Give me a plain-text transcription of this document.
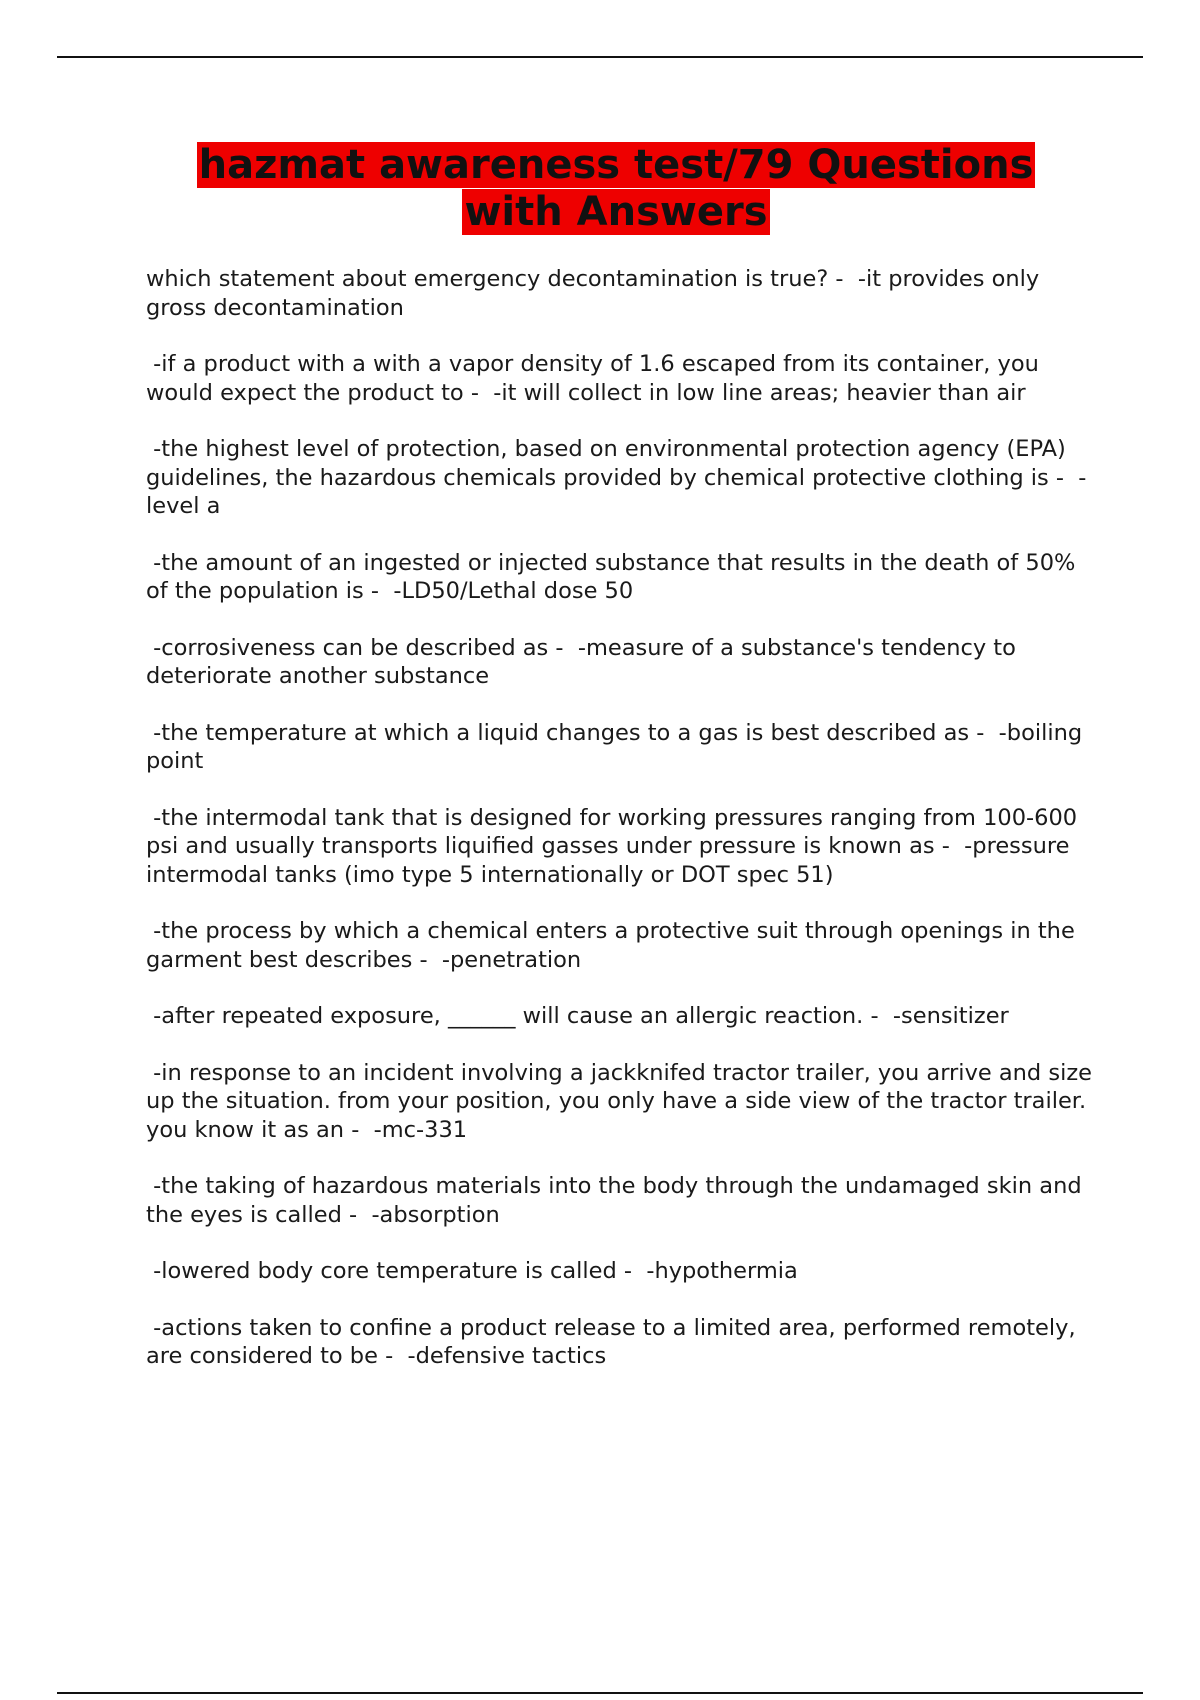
hazmat awareness test/79 Questions with Answers

which statement about emergency decontamination is true? -  -it provides only gross decontamination

-if a product with a with a vapor density of 1.6 escaped from its container, you would expect the product to -  -it will collect in low line areas; heavier than air

-the highest level of protection, based on environmental protection agency (EPA) guidelines, the hazardous chemicals provided by chemical protective clothing is -  -level a

-the amount of an ingested or injected substance that results in the death of 50% of the population is -  -LD50/Lethal dose 50

-corrosiveness can be described as -  -measure of a substance's tendency to deteriorate another substance

-the temperature at which a liquid changes to a gas is best described as -  -boiling point

-the intermodal tank that is designed for working pressures ranging from 100-600 psi and usually transports liquified gasses under pressure is known as -  -pressure intermodal tanks (imo type 5 internationally or DOT spec 51)

-the process by which a chemical enters a protective suit through openings in the garment best describes -  -penetration

-after repeated exposure, ______ will cause an allergic reaction. -  -sensitizer

-in response to an incident involving a jackknifed tractor trailer, you arrive and size up the situation. from your position, you only have a side view of the tractor trailer. you know it as an -  -mc-331

-the taking of hazardous materials into the body through the undamaged skin and the eyes is called -  -absorption

-lowered body core temperature is called -  -hypothermia

-actions taken to confine a product release to a limited area, performed remotely, are considered to be -  -defensive tactics
